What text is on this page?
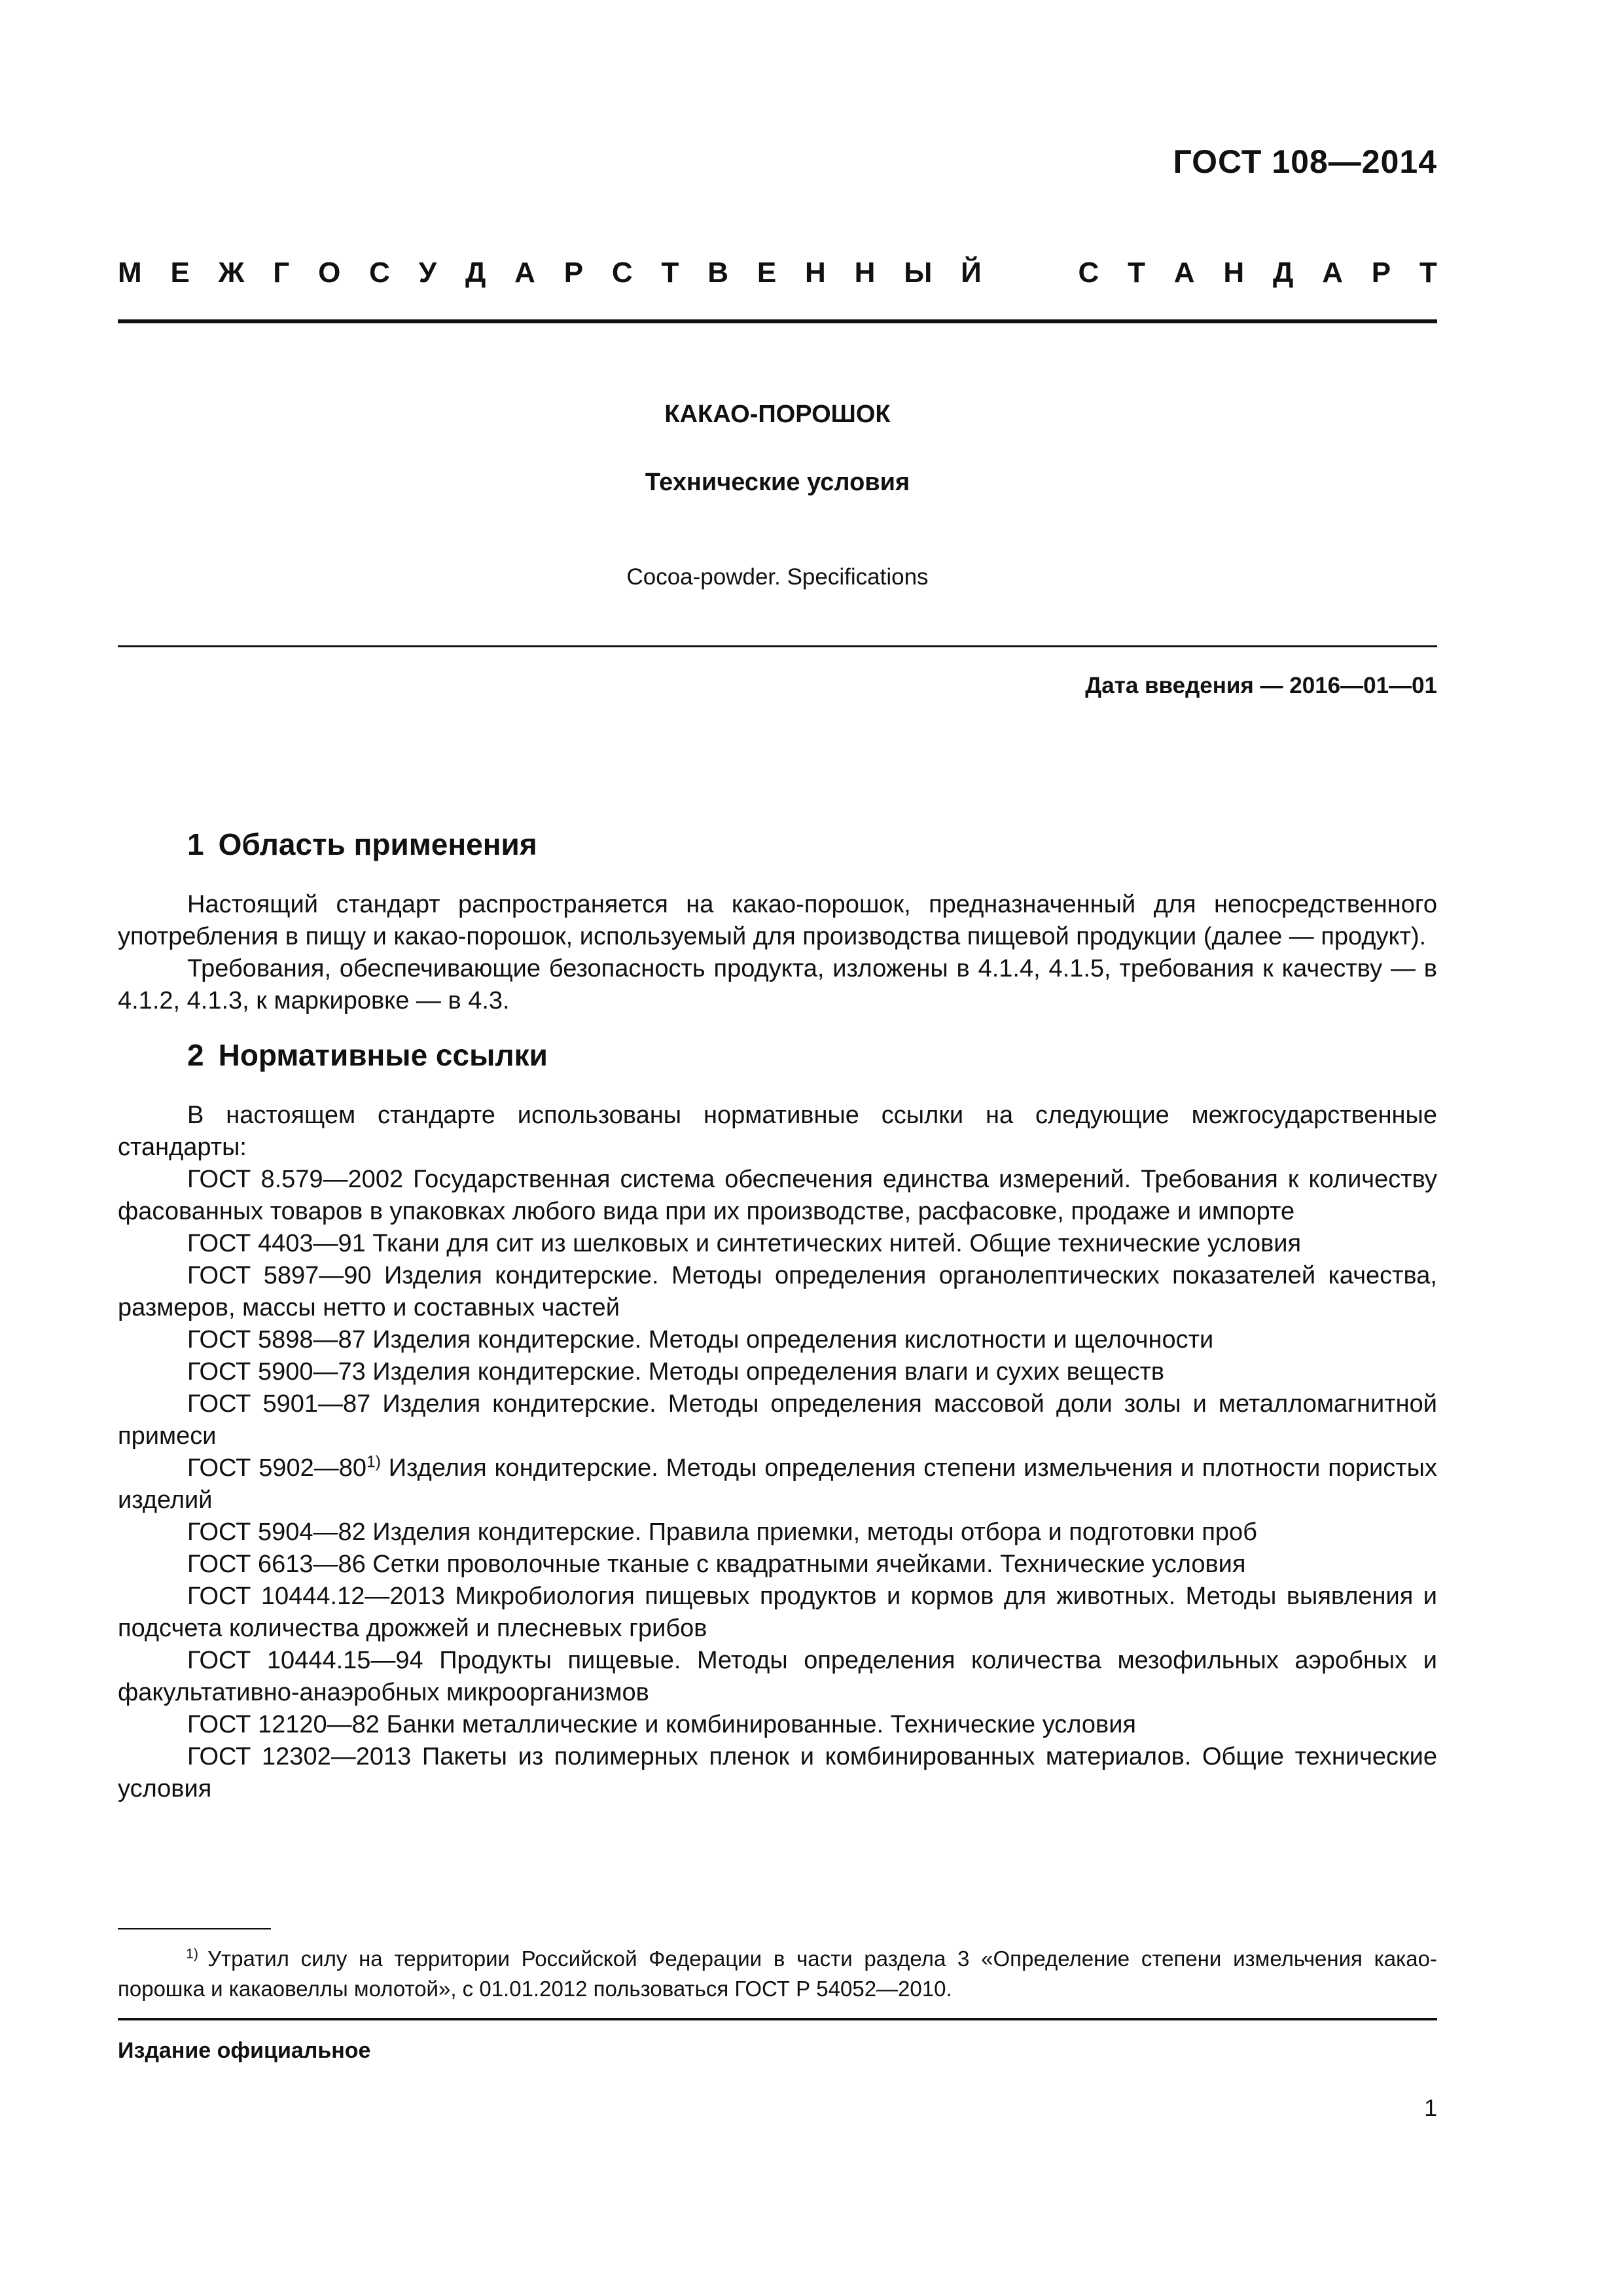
ГОСТ 108—2014
М Е Ж Г О С У Д А Р С Т В Е Н Н Ы Й	С Т А Н Д А Р Т
КАКАО-ПОРОШОК
Технические условия
Cocoa-powder. Specifications
Дата введения — 2016—01—01
1 Область применения

Настоящий стандарт распространяется на какао-порошок, предназначенный для непосредственного употребления в пищу и какао-порошок, используемый для производства пищевой продукции (далее — продукт).

Требования, обеспечивающие безопасность продукта, изложены в 4.1.4, 4.1.5, требования к качеству — в 4.1.2, 4.1.3, к маркировке — в 4.3.

2 Нормативные ссылки

В настоящем стандарте использованы нормативные ссылки на следующие межгосударственные стандарты:

ГОСТ 8.579—2002 Государственная система обеспечения единства измерений. Требования к количеству фасованных товаров в упаковках любого вида при их производстве, расфасовке, продаже и импорте

ГОСТ 4403—91 Ткани для сит из шелковых и синтетических нитей. Общие технические условия

ГОСТ 5897—90 Изделия кондитерские. Методы определения органолептических показателей качества, размеров, массы нетто и составных частей

ГОСТ 5898—87 Изделия кондитерские. Методы определения кислотности и щелочности

ГОСТ 5900—73 Изделия кондитерские. Методы определения влаги и сухих веществ

ГОСТ 5901—87 Изделия кондитерские. Методы определения массовой доли золы и металломагнитной примеси

ГОСТ 5902—80$^{1)}$ Изделия кондитерские. Методы определения степени измельчения и плотности пористых изделий

ГОСТ 5904—82 Изделия кондитерские. Правила приемки, методы отбора и подготовки проб

ГОСТ 6613—86 Сетки проволочные тканые с квадратными ячейками. Технические условия

ГОСТ 10444.12—2013 Микробиология пищевых продуктов и кормов для животных. Методы выявления и подсчета количества дрожжей и плесневых грибов

ГОСТ 10444.15—94 Продукты пищевые. Методы определения количества мезофильных аэробных и факультативно-анаэробных микроорганизмов

ГОСТ 12120—82 Банки металлические и комбинированные. Технические условия

ГОСТ 12302—2013 Пакеты из полимерных пленок и комбинированных материалов. Общие технические условия

$^{1)}$ Утратил силу на территории Российской Федерации в части раздела 3 «Определение степени измельчения какао-порошка и какаовеллы молотой», с 01.01.2012 пользоваться ГОСТ Р 54052—2010.
Издание официальное
1
